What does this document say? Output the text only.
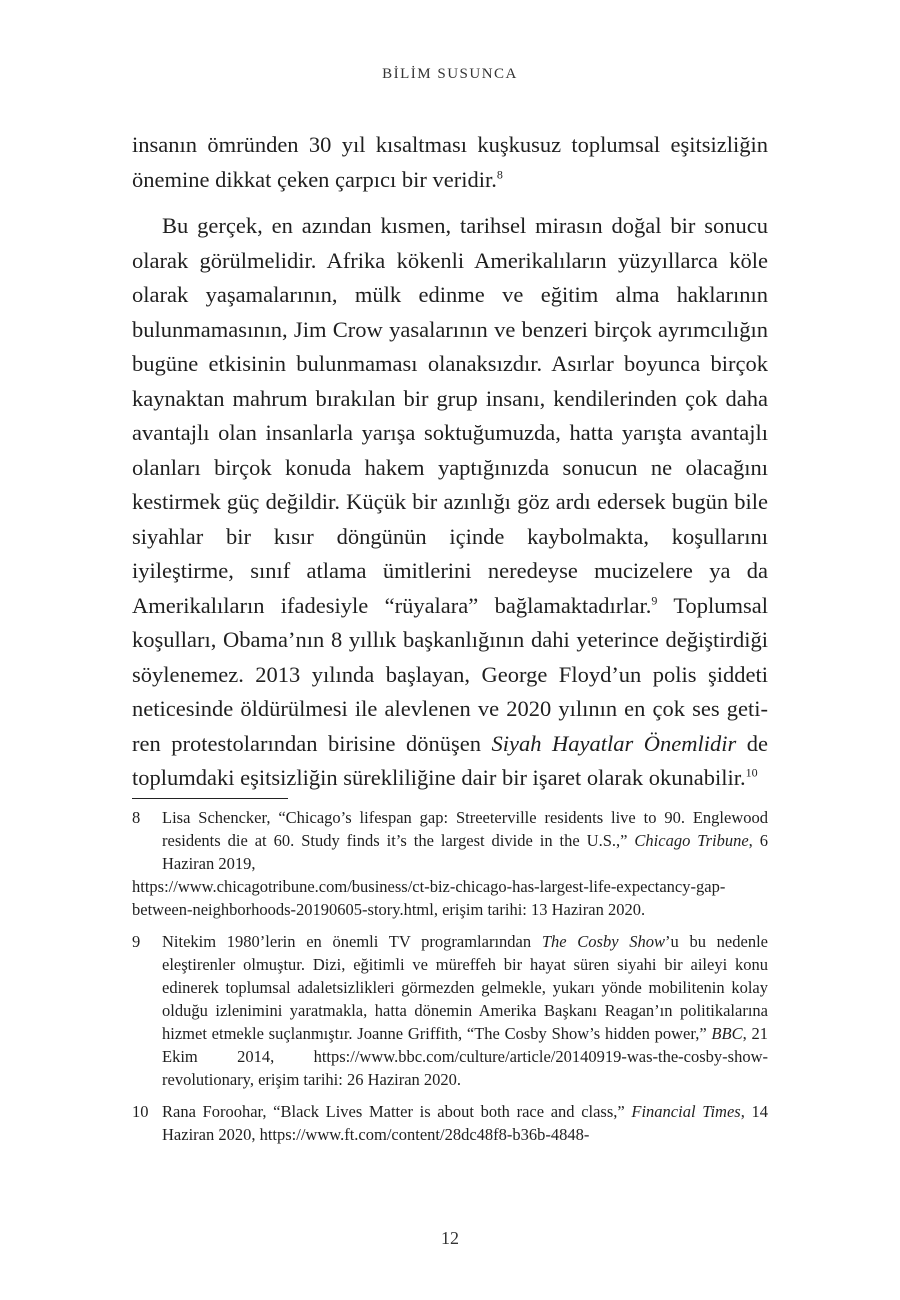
BİLİM SUSUNCA

insanın ömründen 30 yıl kısaltması kuşkusuz toplumsal eşitsizliğin önemine dikkat çeken çarpıcı bir veridir.$^8$

Bu gerçek, en azından kısmen, tarihsel mirasın doğal bir sonucu olarak görülmelidir. Afrika kökenli Amerikalıların yüzyıllarca köle olarak yaşamalarının, mülk edinme ve eğitim alma haklarının bulunmamasının, Jim Crow yasalarının ve benzeri birçok ayrımcılığın bugüne etkisinin bulunmaması olanaksızdır. Asırlar boyunca birçok kaynaktan mahrum bırakılan bir grup insanı, kendilerinden çok daha avantajlı olan insanlarla yarışa soktuğumuzda, hatta yarışta avantajlı olanları birçok konuda hakem yaptığınızda sonucun ne olacağını kestirmek güç değildir. Küçük bir azınlığı göz ardı edersek bugün bile siyahlar bir kısır döngünün içinde kaybolmakta, koşullarını iyileştirme, sınıf atlama ümitlerini neredeyse mucizelere ya da Amerikalıların ifadesiyle “rüyalara” bağlamaktadırlar.$^9$ Toplumsal koşulları, Obama’nın 8 yıllık başkanlığının dahi yeterince değiştirdiği söylenemez. 2013 yılında başlayan, George Floyd’un polis şiddeti neticesinde öldürülmesi ile alevlenen ve 2020 yılının en çok ses getiren protestolarından birisine dönüşen Siyah Hayatlar Önemlidir de toplumdaki eşitsizliğin sürekliliğine dair bir işaret olarak okunabilir.$^{10}$

8 Lisa Schencker, “Chicago’s lifespan gap: Streeterville residents live to 90. Englewood residents die at 60. Study finds it’s the largest divide in the U.S.,” Chicago Tribune, 6 Haziran 2019,
https://www.chicagotribune.com/business/ct-biz-chicago-has-largest-life-expectancy-gap-between-neighborhoods-20190605-story.html, erişim tarihi: 13 Haziran 2020.
9 Nitekim 1980’lerin en önemli TV programlarından The Cosby Show’u bu nedenle eleştirenler olmuştur. Dizi, eğitimli ve müreffeh bir hayat süren siyahi bir aileyi konu edinerek toplumsal adaletsizlikleri görmezden gelmekle, yukarı yönde mobilitenin kolay olduğu izlenimini yaratmakla, hatta dönemin Amerika Başkanı Reagan’ın politikalarına hizmet etmekle suçlanmıştır. Joanne Griffith, “The Cosby Show’s hidden power,” BBC, 21 Ekim 2014, https://www.bbc.com/culture/article/20140919-was-the-cosby-show-revolutionary, erişim tarihi: 26 Haziran 2020.
10 Rana Foroohar, “Black Lives Matter is about both race and class,” Financial Times, 14 Haziran 2020, https://www.ft.com/content/28dc48f8-b36b-4848-
12
